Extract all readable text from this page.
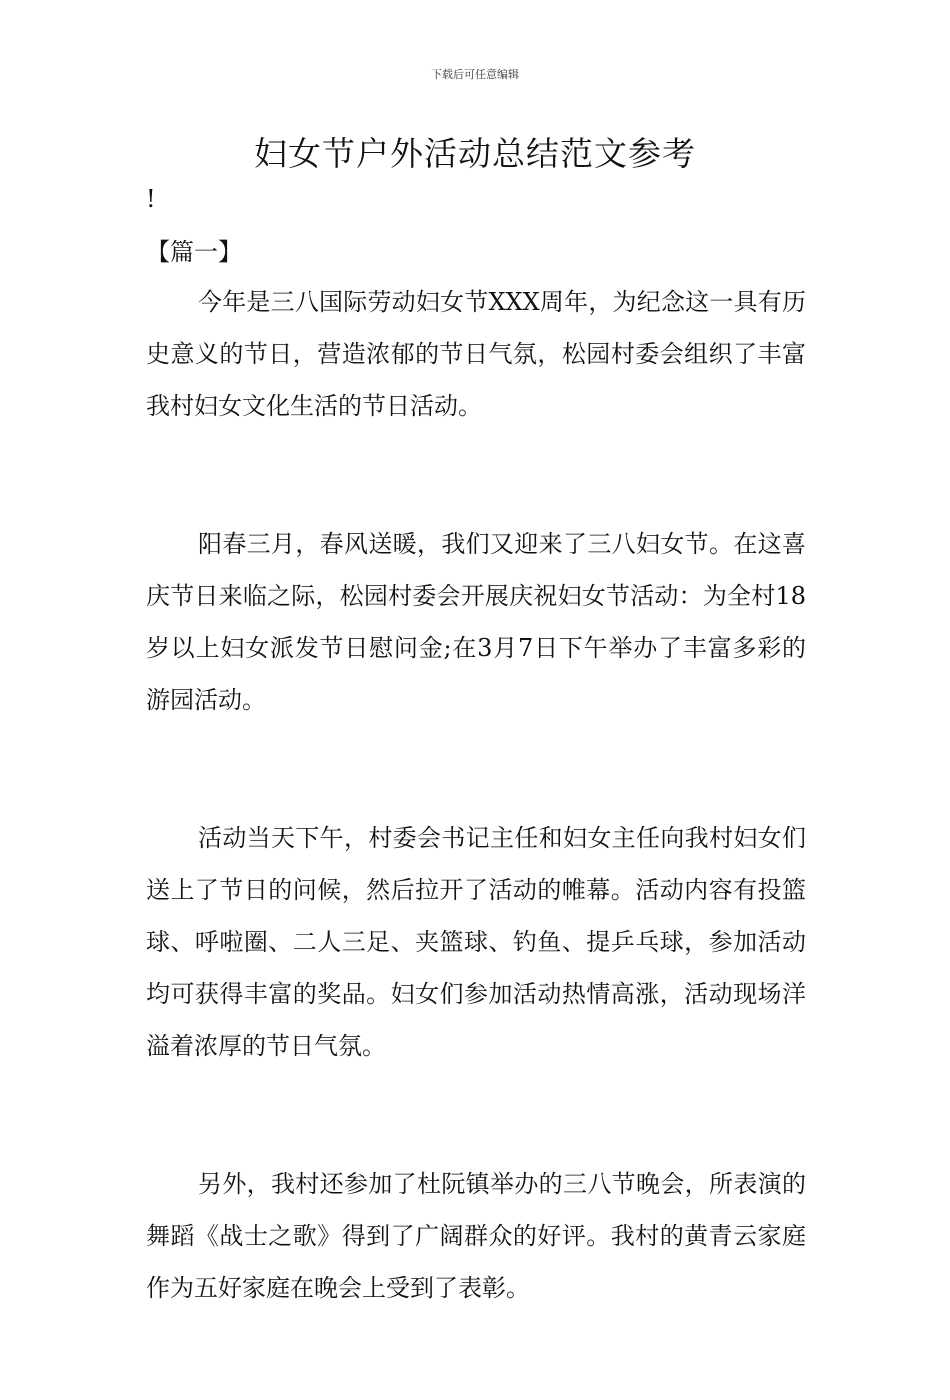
下载后可任意编辑
妇女节户外活动总结范文参考
!
【篇一】

今年是三八国际劳动妇女节XXX周年，为纪念这一具有历史意义的节日，营造浓郁的节日气氛，松园村委会组织了丰富我村妇女文化生活的节日活动。

阳春三月，春风送暖，我们又迎来了三八妇女节。在这喜庆节日来临之际，松园村委会开展庆祝妇女节活动：为全村18岁以上妇女派发节日慰问金;在3月7日下午举办了丰富多彩的游园活动。

活动当天下午，村委会书记主任和妇女主任向我村妇女们送上了节日的问候，然后拉开了活动的帷幕。活动内容有投篮球、呼啦圈、二人三足、夹篮球、钓鱼、提乒乓球，参加活动均可获得丰富的奖品。妇女们参加活动热情高涨，活动现场洋溢着浓厚的节日气氛。

另外，我村还参加了杜阮镇举办的三八节晚会，所表演的舞蹈《战士之歌》得到了广阔群众的好评。我村的黄青云家庭作为五好家庭在晚会上受到了表彰。
